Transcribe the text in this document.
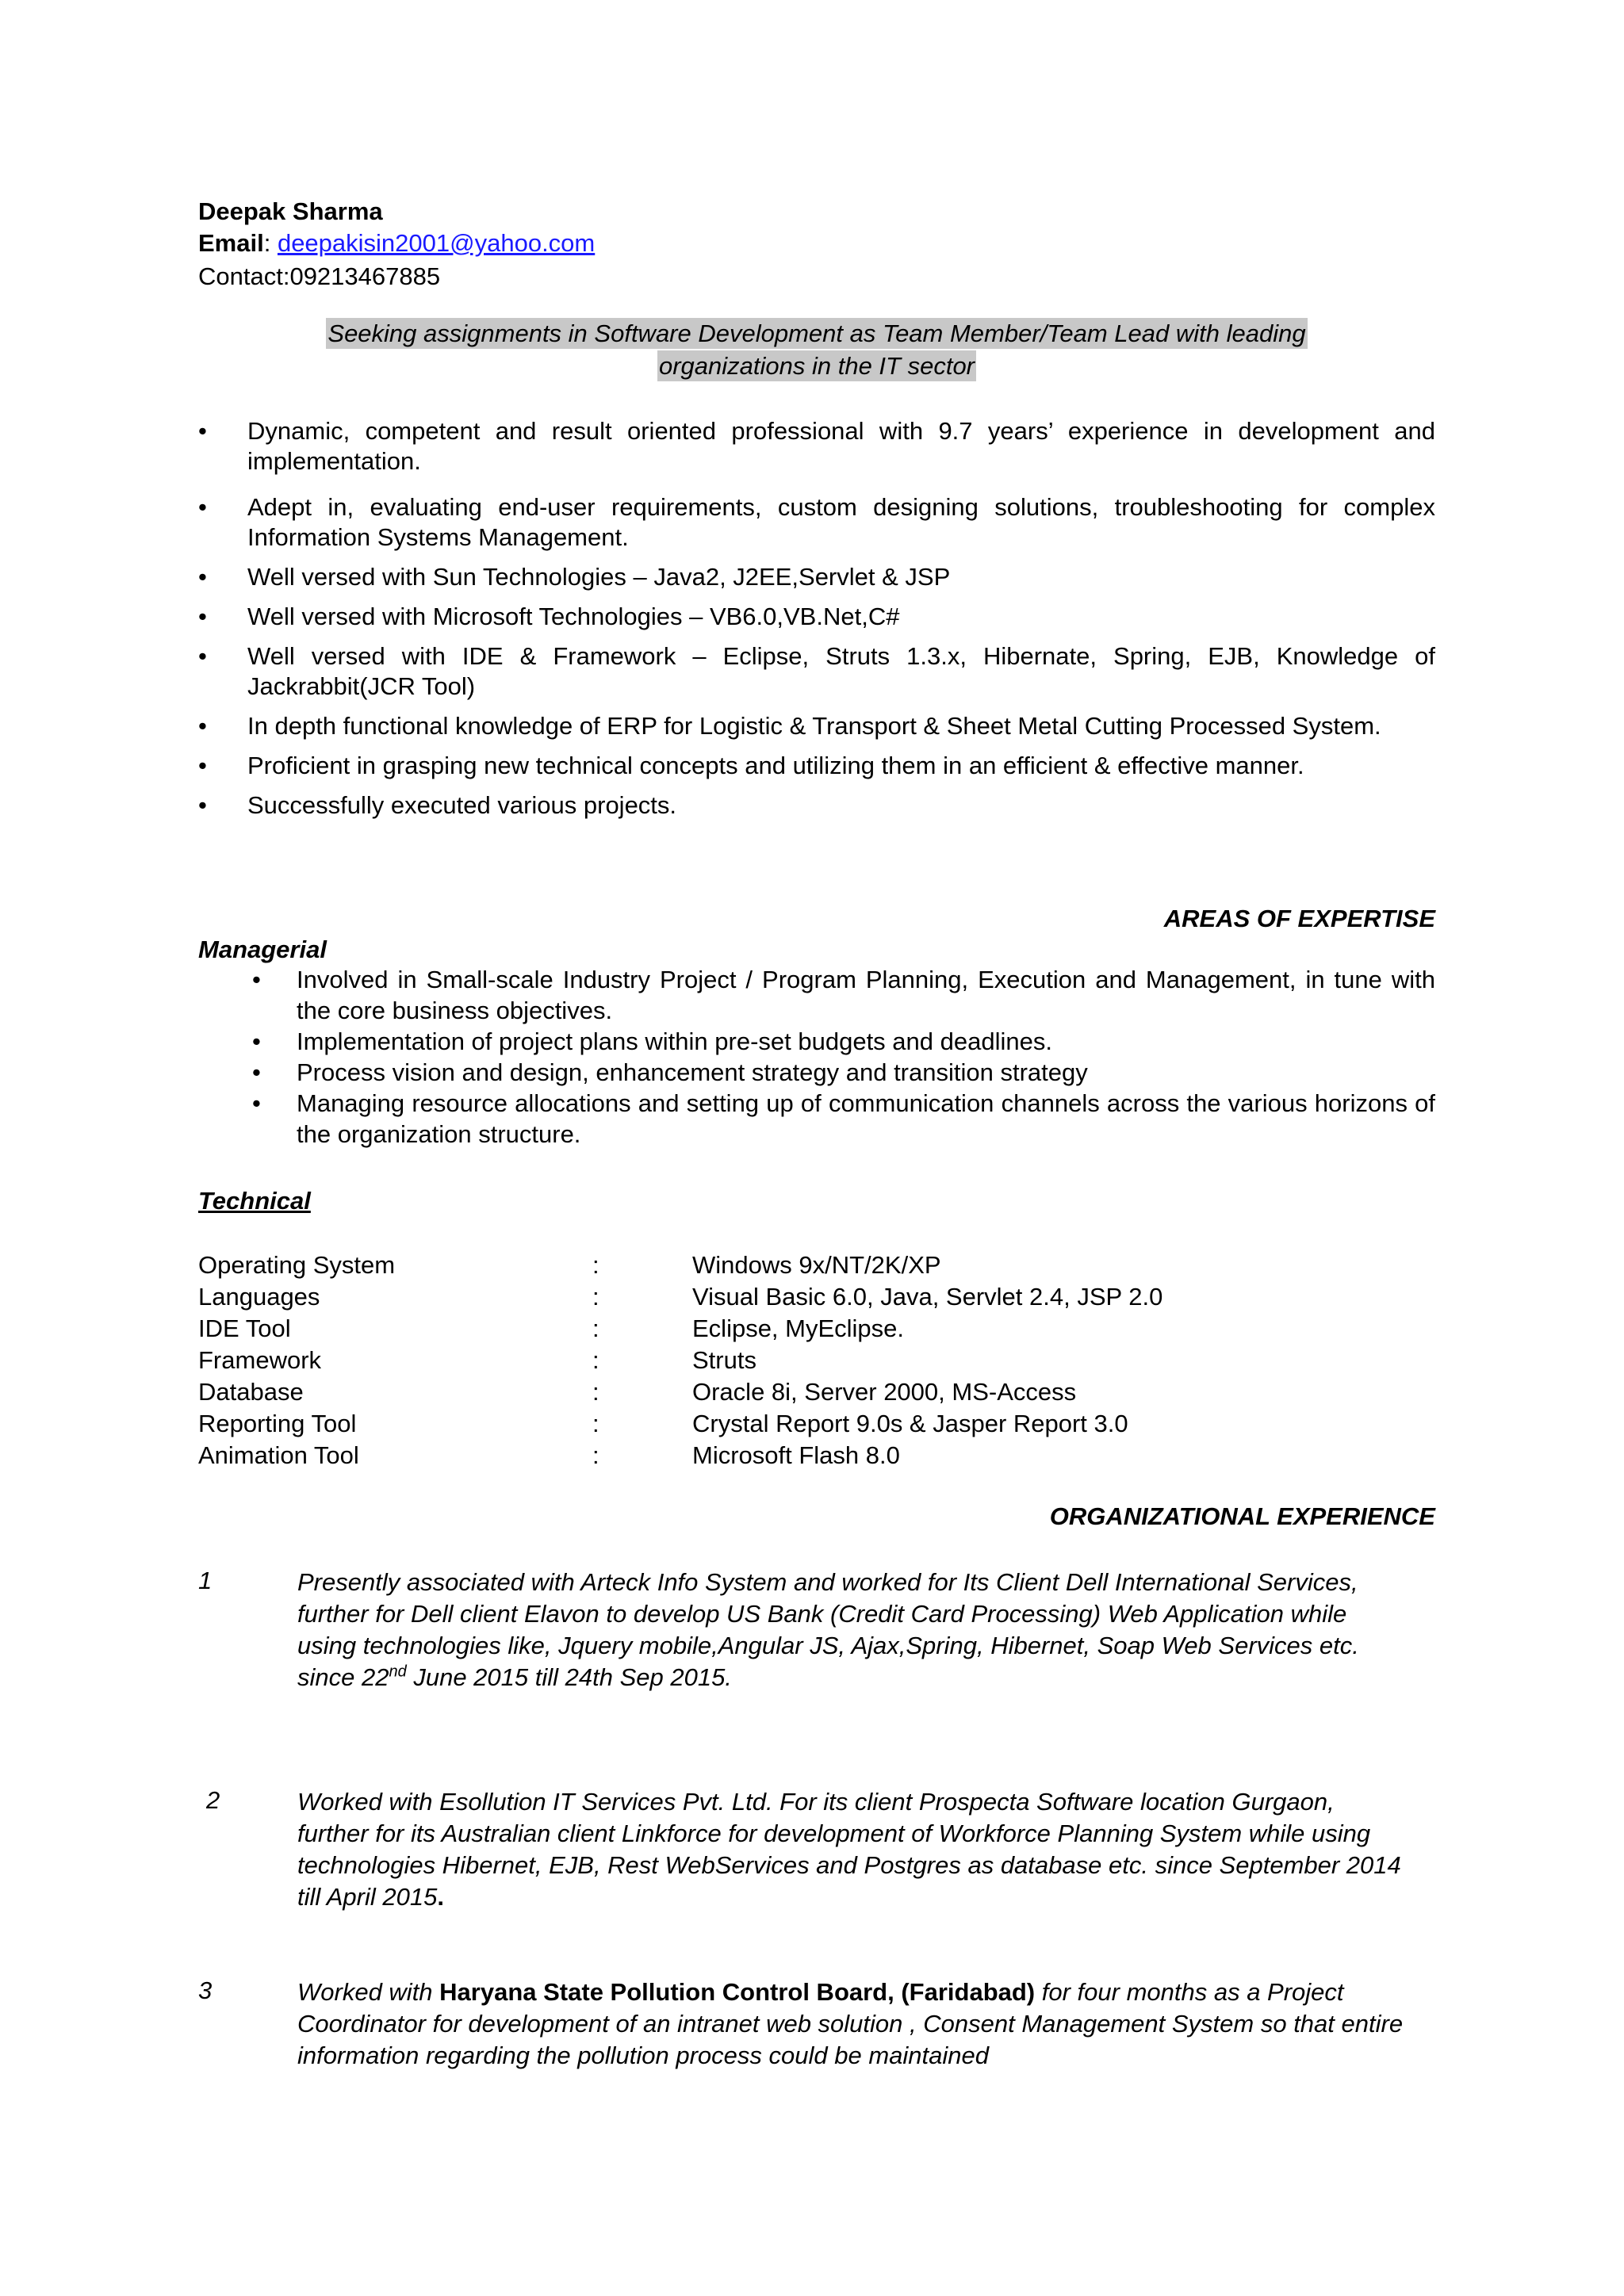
Deepak Sharma
Email: deepakisin2001@yahoo.com
Contact:09213467885
Seeking assignments in Software Development as Team Member/Team Lead with leading
organizations in the IT sector

• Dynamic, competent and result oriented professional with 9.7 years’ experience in development and implementation.

• Adept in, evaluating end-user requirements, custom designing solutions, troubleshooting for complex Information Systems Management.

• Well versed with Sun Technologies – Java2, J2EE,Servlet & JSP

• Well versed with Microsoft Technologies – VB6.0,VB.Net,C#

• Well versed with IDE & Framework – Eclipse, Struts 1.3.x, Hibernate, Spring, EJB, Knowledge of Jackrabbit(JCR Tool)

• In depth functional knowledge of ERP for Logistic & Transport & Sheet Metal Cutting Processed System.

• Proficient in grasping new technical concepts and utilizing them in an efficient & effective manner.

• Successfully executed various projects.

AREAS OF EXPERTISE
Managerial

• Involved in Small-scale Industry Project / Program Planning, Execution and Management, in tune with the core business objectives.

• Implementation of project plans within pre-set budgets and deadlines.

• Process vision and design, enhancement strategy and transition strategy

• Managing resource allocations and setting up of communication channels across the various horizons of the organization structure.

Technical
Operating System	:	Windows 9x/NT/2K/XP
Languages	:	Visual Basic 6.0, Java, Servlet 2.4, JSP 2.0
IDE Tool	:	Eclipse, MyEclipse.
Framework	:	Struts
Database	:	Oracle 8i, Server 2000, MS-Access
Reporting Tool	:	Crystal Report 9.0s & Jasper Report 3.0
Animation Tool	:	Microsoft Flash 8.0
ORGANIZATIONAL EXPERIENCE
1	Presently associated with Arteck Info System and worked for Its Client Dell International Services, further for Dell client Elavon to develop US Bank (Credit Card Processing) Web Application while using technologies like, Jquery mobile,Angular JS, Ajax,Spring, Hibernet, Soap Web Services etc. since 22nd June 2015 till 24th Sep 2015.
2	Worked with Esollution IT Services Pvt. Ltd. For its client Prospecta Software location Gurgaon, further for its Australian client Linkforce for development of Workforce Planning System while using technologies Hibernet, EJB, Rest WebServices and Postgres as database etc. since September 2014 till April 2015.
3	Worked with Haryana State Pollution Control Board, (Faridabad) for four months as a Project Coordinator for development of an intranet web solution , Consent Management System so that entire information regarding the pollution process could be maintained
